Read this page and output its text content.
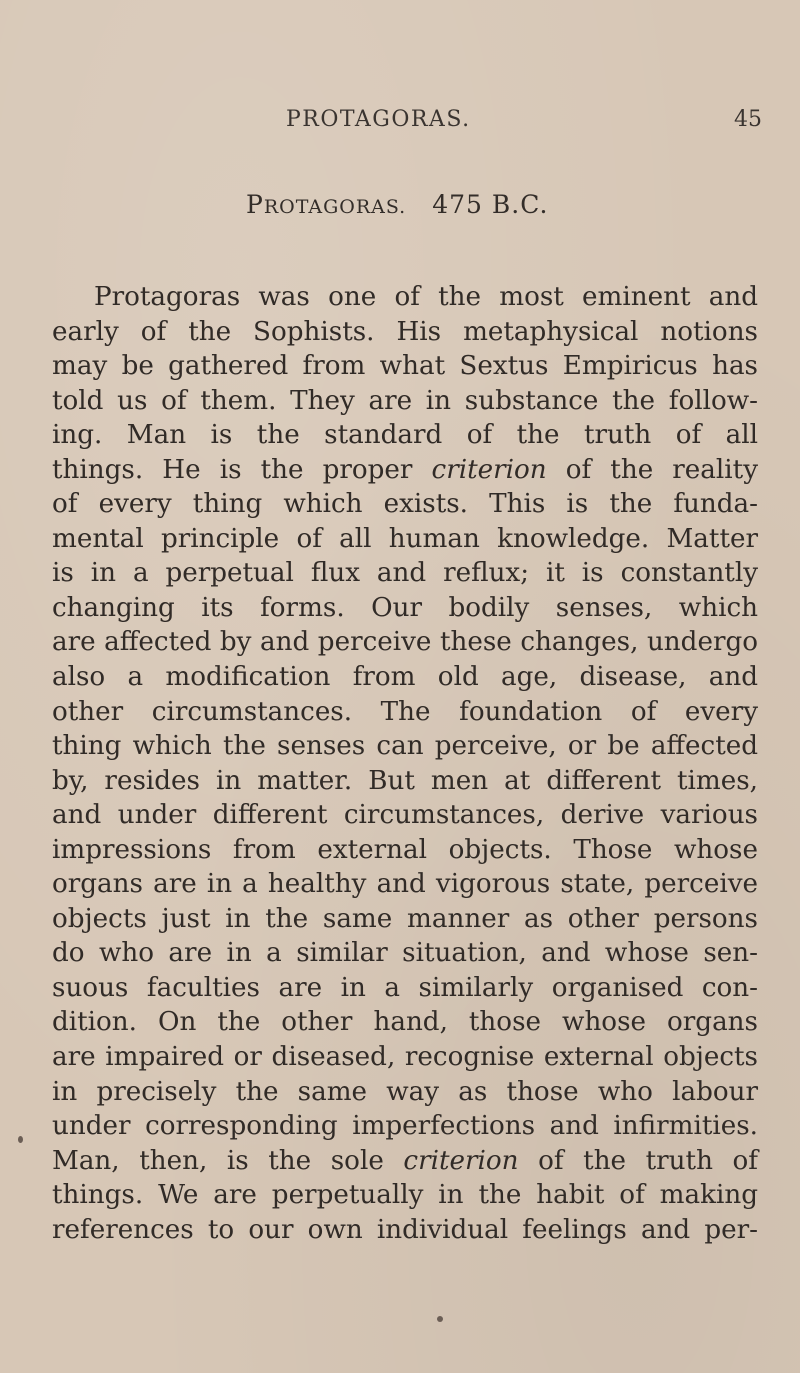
PROTAGORAS.	45
PROTAGORAS. 475 B.C.
Protagoras was one of the most eminent and
early of the Sophists. His metaphysical notions
may be gathered from what Sextus Empiricus has
told us of them. They are in substance the follow-
ing. Man is the standard of the truth of all
things. He is the proper criterion of the reality
of every thing which exists. This is the funda-
mental principle of all human knowledge. Matter
is in a perpetual flux and reflux; it is constantly
changing its forms. Our bodily senses, which
are affected by and perceive these changes, undergo
also a modification from old age, disease, and
other circumstances. The foundation of every
thing which the senses can perceive, or be affected
by, resides in matter. But men at different times,
and under different circumstances, derive various
impressions from external objects. Those whose
organs are in a healthy and vigorous state, perceive
objects just in the same manner as other persons
do who are in a similar situation, and whose sen-
suous faculties are in a similarly organised con-
dition. On the other hand, those whose organs
are impaired or diseased, recognise external objects
in precisely the same way as those who labour
under corresponding imperfections and infirmities.
Man, then, is the sole criterion of the truth of
things. We are perpetually in the habit of making
references to our own individual feelings and per-
